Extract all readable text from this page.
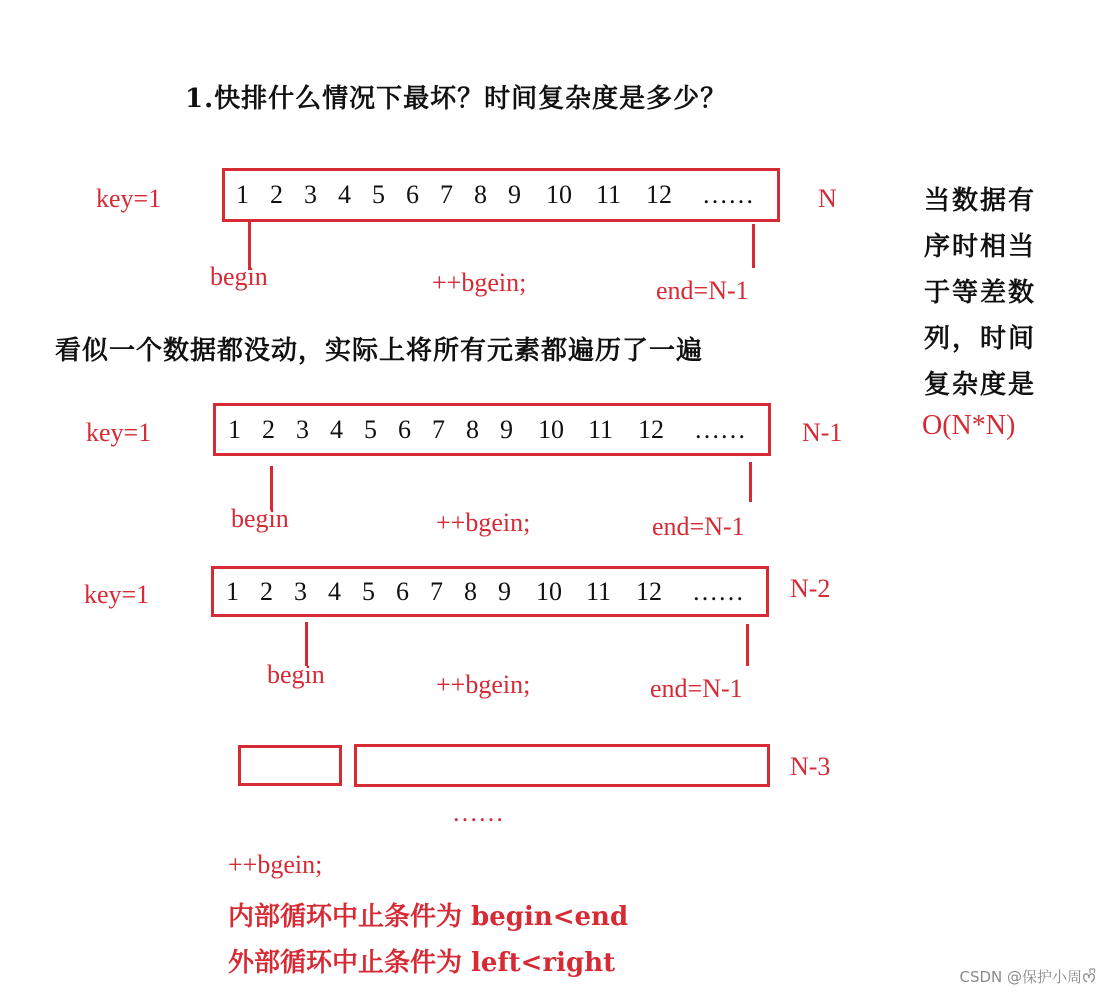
1.快排什么情况下最坏？时间复杂度是多少？
key=1	1 2 3 4 5 6 7 8 9 10 11 12	……	N
begin	++bgein;	end=N-1
看似一个数据都没动，实际上将所有元素都遍历了一遍
当数据有
序时相当
于等差数
列，时间
复杂度是
O(N*N)
key=1	1 2 3 4 5 6 7 8 9 10 11 12	……	N-1
begin	++bgein;	end=N-1
key=1	1 2 3 4 5 6 7 8 9 10 11 12	……	N-2
begin	++bgein;	end=N-1
N-3
……
++bgein;
内部循环中止条件为 begin<end
外部循环中止条件为 left<right	CSDN @保护小周ᰔᩚ
